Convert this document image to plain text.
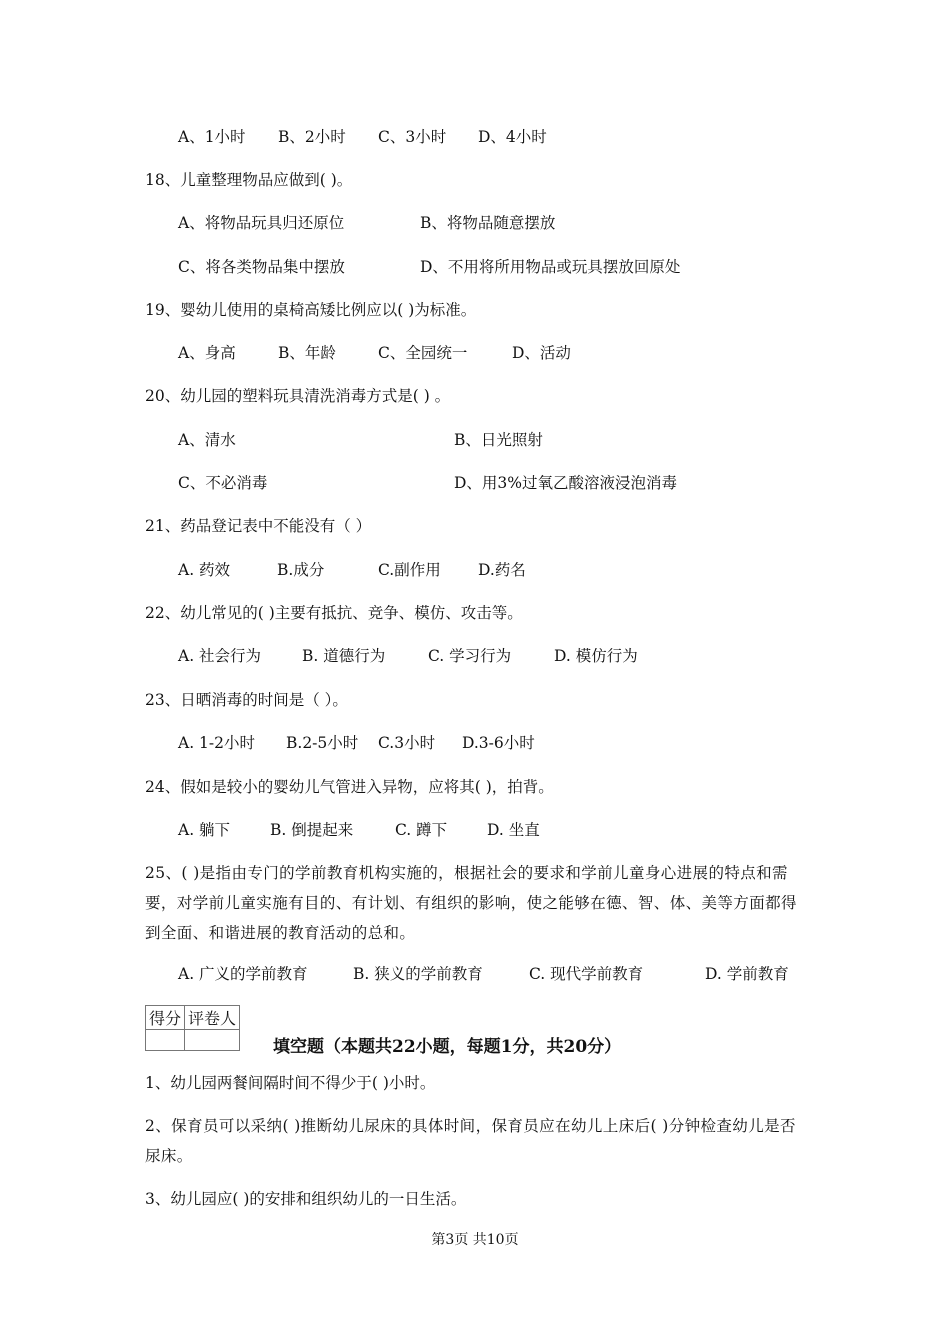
A、1小时 B、2小时 C、3小时 D、4小时
18、儿童整理物品应做到( )。
A、将物品玩具归还原位	B、将物品随意摆放
C、将各类物品集中摆放	D、不用将所用物品或玩具摆放回原处
19、婴幼儿使用的桌椅高矮比例应以( )为标准。
A、身高	B、年龄	C、全园统一	D、活动
20、幼儿园的塑料玩具清洗消毒方式是( ) 。
A、清水	B、日光照射
C、不必消毒	D、用3%过氧乙酸溶液浸泡消毒
21、药品登记表中不能没有（ ）
A. 药效	B.成分	C.副作用 D.药名
22、幼儿常见的( )主要有抵抗、竞争、模仿、攻击等。
A. 社会行为	B. 道德行为	C. 学习行为	D. 模仿行为
23、日晒消毒的时间是（ ）。
A. 1-2小时 B.2-5小时 C.3小时 D.3-6小时
24、假如是较小的婴幼儿气管进入异物，应将其( )，拍背。
A. 躺下	B. 倒提起来	C. 蹲下	D. 坐直
25、( )是指由专门的学前教育机构实施的，根据社会的要求和学前儿童身心进展的特点和需要，对学前儿童实施有目的、有计划、有组织的影响，使之能够在德、智、体、美等方面都得到全面、和谐进展的教育活动的总和。
A. 广义的学前教育	B. 狭义的学前教育	C. 现代学前教育	D. 学前教育
得分	评卷人

填空题（本题共22小题，每题1分，共20分）
1、幼儿园两餐间隔时间不得少于( )小时。
2、保育员可以采纳( )推断幼儿尿床的具体时间，保育员应在幼儿上床后( )分钟检查幼儿是否尿床。
3、幼儿园应( )的安排和组织幼儿的一日生活。
第3页 共10页
